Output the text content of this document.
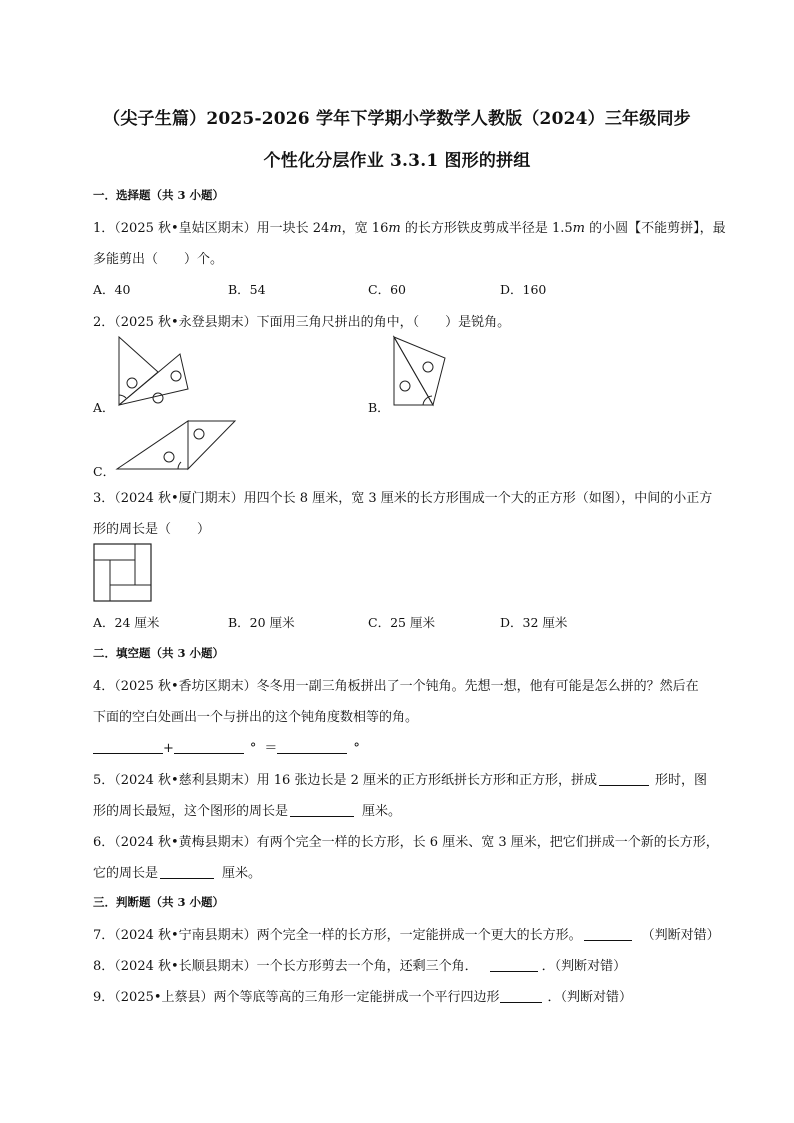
（尖子生篇）2025-2026 学年下学期小学数学人教版（2024）三年级同步
个性化分层作业 3.3.1 图形的拼组
一．选择题（共 3 小题）
1．（2025 秋•皇姑区期末）用一块长 24m，宽 16m 的长方形铁皮剪成半径是 1.5m 的小圆【不能剪拼】，最
多能剪出（　　）个。
A．40	B．54	C．60	D．160
2．（2025 秋•永登县期末）下面用三角尺拼出的角中，（　　）是锐角。
A．	B．
C．
3．（2024 秋•厦门期末）用四个长 8 厘米，宽 3 厘米的长方形围成一个大的正方形（如图），中间的小正方
形的周长是（　　）
A．24 厘米	B．20 厘米	C．25 厘米	D．32 厘米
二．填空题（共 3 小题）
4．（2025 秋•香坊区期末）冬冬用一副三角板拼出了一个钝角。先想一想，他有可能是怎么拼的？然后在
下面的空白处画出一个与拼出的这个钝角度数相等的角。
+	° ＝	°
5．（2024 秋•慈利县期末）用 16 张边长是 2 厘米的正方形纸拼长方形和正方形，拼成	形时，图
形的周长最短，这个图形的周长是	厘米。
6．（2024 秋•黄梅县期末）有两个完全一样的长方形，长 6 厘米、宽 3 厘米，把它们拼成一个新的长方形，
它的周长是	厘米。
三．判断题（共 3 小题）
7．（2024 秋•宁南县期末）两个完全一样的长方形，一定能拼成一个更大的长方形。	（判断对错）
8．（2024 秋•长顺县期末）一个长方形剪去一个角，还剩三个角．	．（判断对错）
9．（2025•上蔡县）两个等底等高的三角形一定能拼成一个平行四边形	．（判断对错）
